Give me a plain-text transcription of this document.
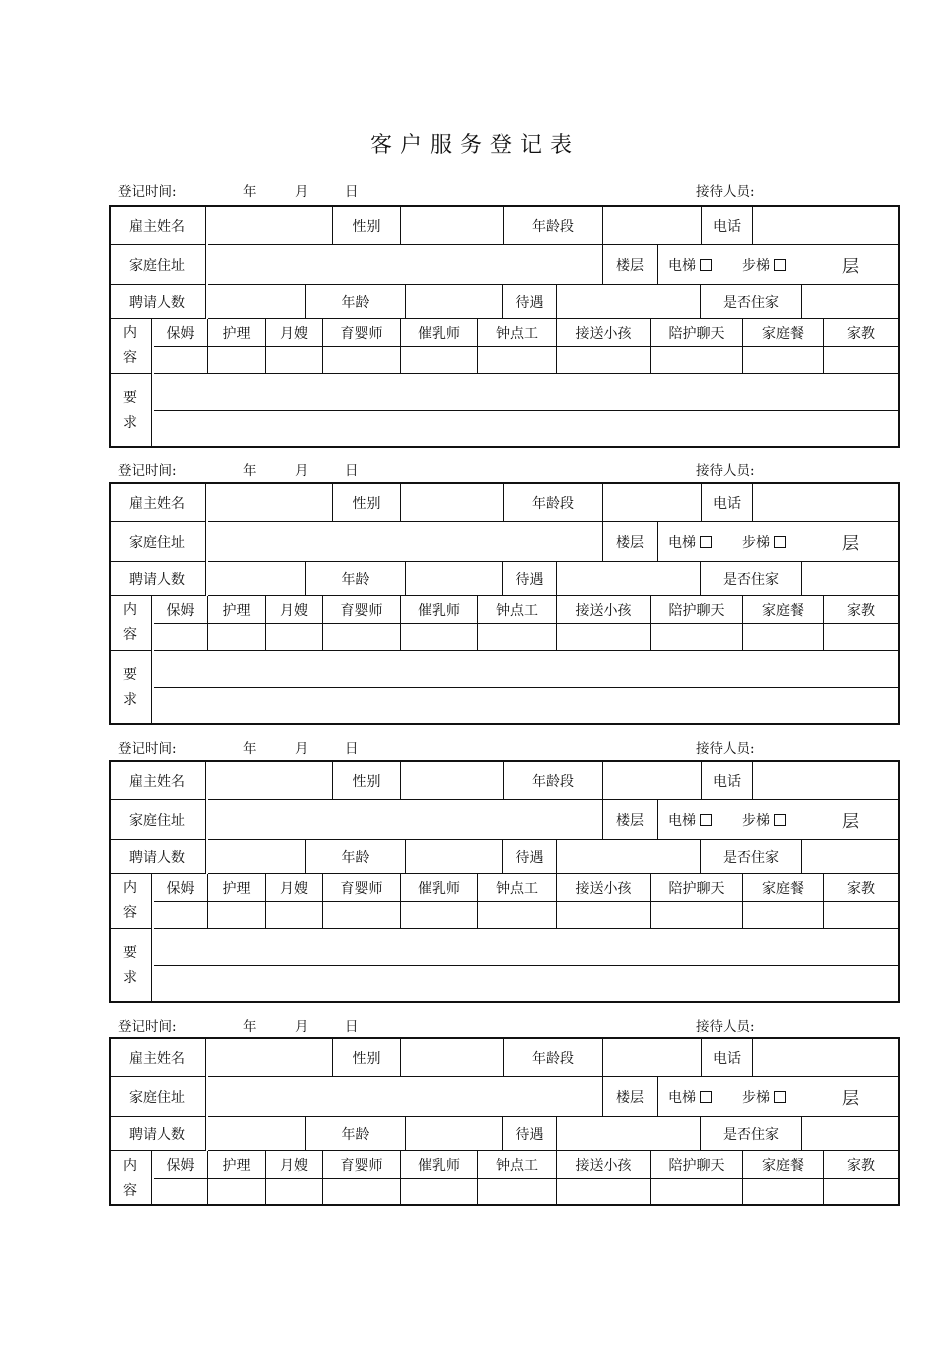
客户服务登记表
登记时间:	年	月	日	接待人员:
雇主姓名	性别	年龄段	电话
家庭住址	楼层	电梯	步梯	层
聘请人数	年龄	待遇	是否住家
内
容
保姆	护理	月嫂	育婴师	催乳师	钟点工	接送小孩	陪护聊天	家庭餐	家教
要
求
登记时间:	年	月	日	接待人员:
雇主姓名	性别	年龄段	电话
家庭住址	楼层	电梯	步梯	层
聘请人数	年龄	待遇	是否住家
内
容
保姆	护理	月嫂	育婴师	催乳师	钟点工	接送小孩	陪护聊天	家庭餐	家教
要
求
登记时间:	年	月	日	接待人员:
雇主姓名	性别	年龄段	电话
家庭住址	楼层	电梯	步梯	层
聘请人数	年龄	待遇	是否住家
内
容
保姆	护理	月嫂	育婴师	催乳师	钟点工	接送小孩	陪护聊天	家庭餐	家教
要
求
登记时间:	年	月	日	接待人员:
雇主姓名	性别	年龄段	电话
家庭住址	楼层	电梯	步梯	层
聘请人数	年龄	待遇	是否住家
内
容
保姆	护理	月嫂	育婴师	催乳师	钟点工	接送小孩	陪护聊天	家庭餐	家教
